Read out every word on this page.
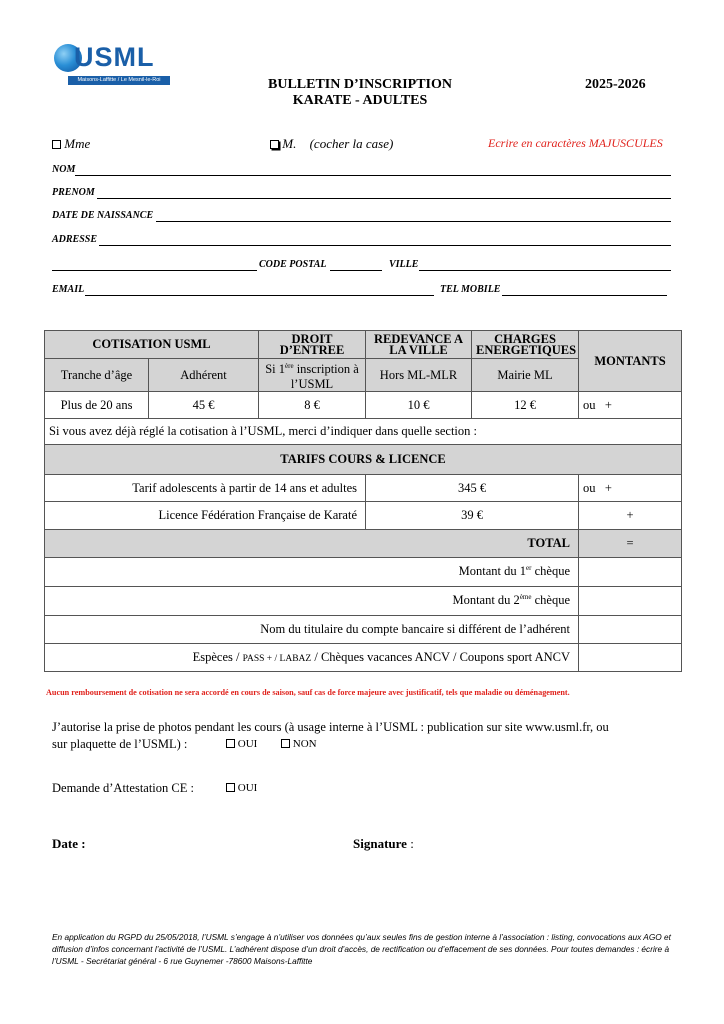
USML
Maisons-Laffitte / Le Mesnil-le-Roi	BULLETIN D’INSCRIPTION
KARATE - ADULTES
2025-2026
Mme	M. (cocher la case)	Ecrire en caractères MAJUSCULES
NOM
PRENOM
DATE DE NAISSANCE
ADRESSE
CODE POSTAL	VILLE
EMAIL	TEL MOBILE
COTISATION USML		DROIT D’ENTREE	REDEVANCE A LA VILLE	CHARGES ENERGETIQUES	MONTANTS
Tranche d’âge	Adhérent	Si 1ère inscription à l’USML	Hors ML-MLR	Mairie ML	
Plus de 20 ans	45 €	8 €	10 €	12 €	ou +
Si vous avez déjà réglé la cotisation à l’USML, merci d’indiquer dans quelle section :					
TARIFS COURS & LICENCE					
Tarif adolescents à partir de 14 ans et adultes			345 €		ou +
Licence Fédération Française de Karaté			39 €		+
TOTAL					=
Montant du 1er chèque					
Montant du 2ème chèque					
Nom du titulaire du compte bancaire si différent de l’adhérent					
Espèces / PASS + / LABAZ / Chèques vacances ANCV / Coupons sport ANCV					
Aucun remboursement de cotisation ne sera accordé en cours de saison, sauf cas de force majeure avec justificatif, tels que maladie ou déménagement.
J’autorise la prise de photos pendant les cours (à usage interne à l’USML : publication sur site www.usml.fr, ou
sur plaquette de l’USML) :	OUI	NON
Demande d’Attestation CE :	OUI
Date :	Signature :
En application du RGPD du 25/05/2018, l’USML s’engage à n’utiliser vos données qu’aux seules fins de gestion interne à l’association : listing, convocations aux AGO et diffusion d’infos concernant l’activité de l’USML. L’adhérent dispose d’un droit d’accès, de rectification ou d’effacement de ses données. Pour toutes demandes : écrire à l’USML - Secrétariat général - 6 rue Guynemer -78600 Maisons-Laffitte
